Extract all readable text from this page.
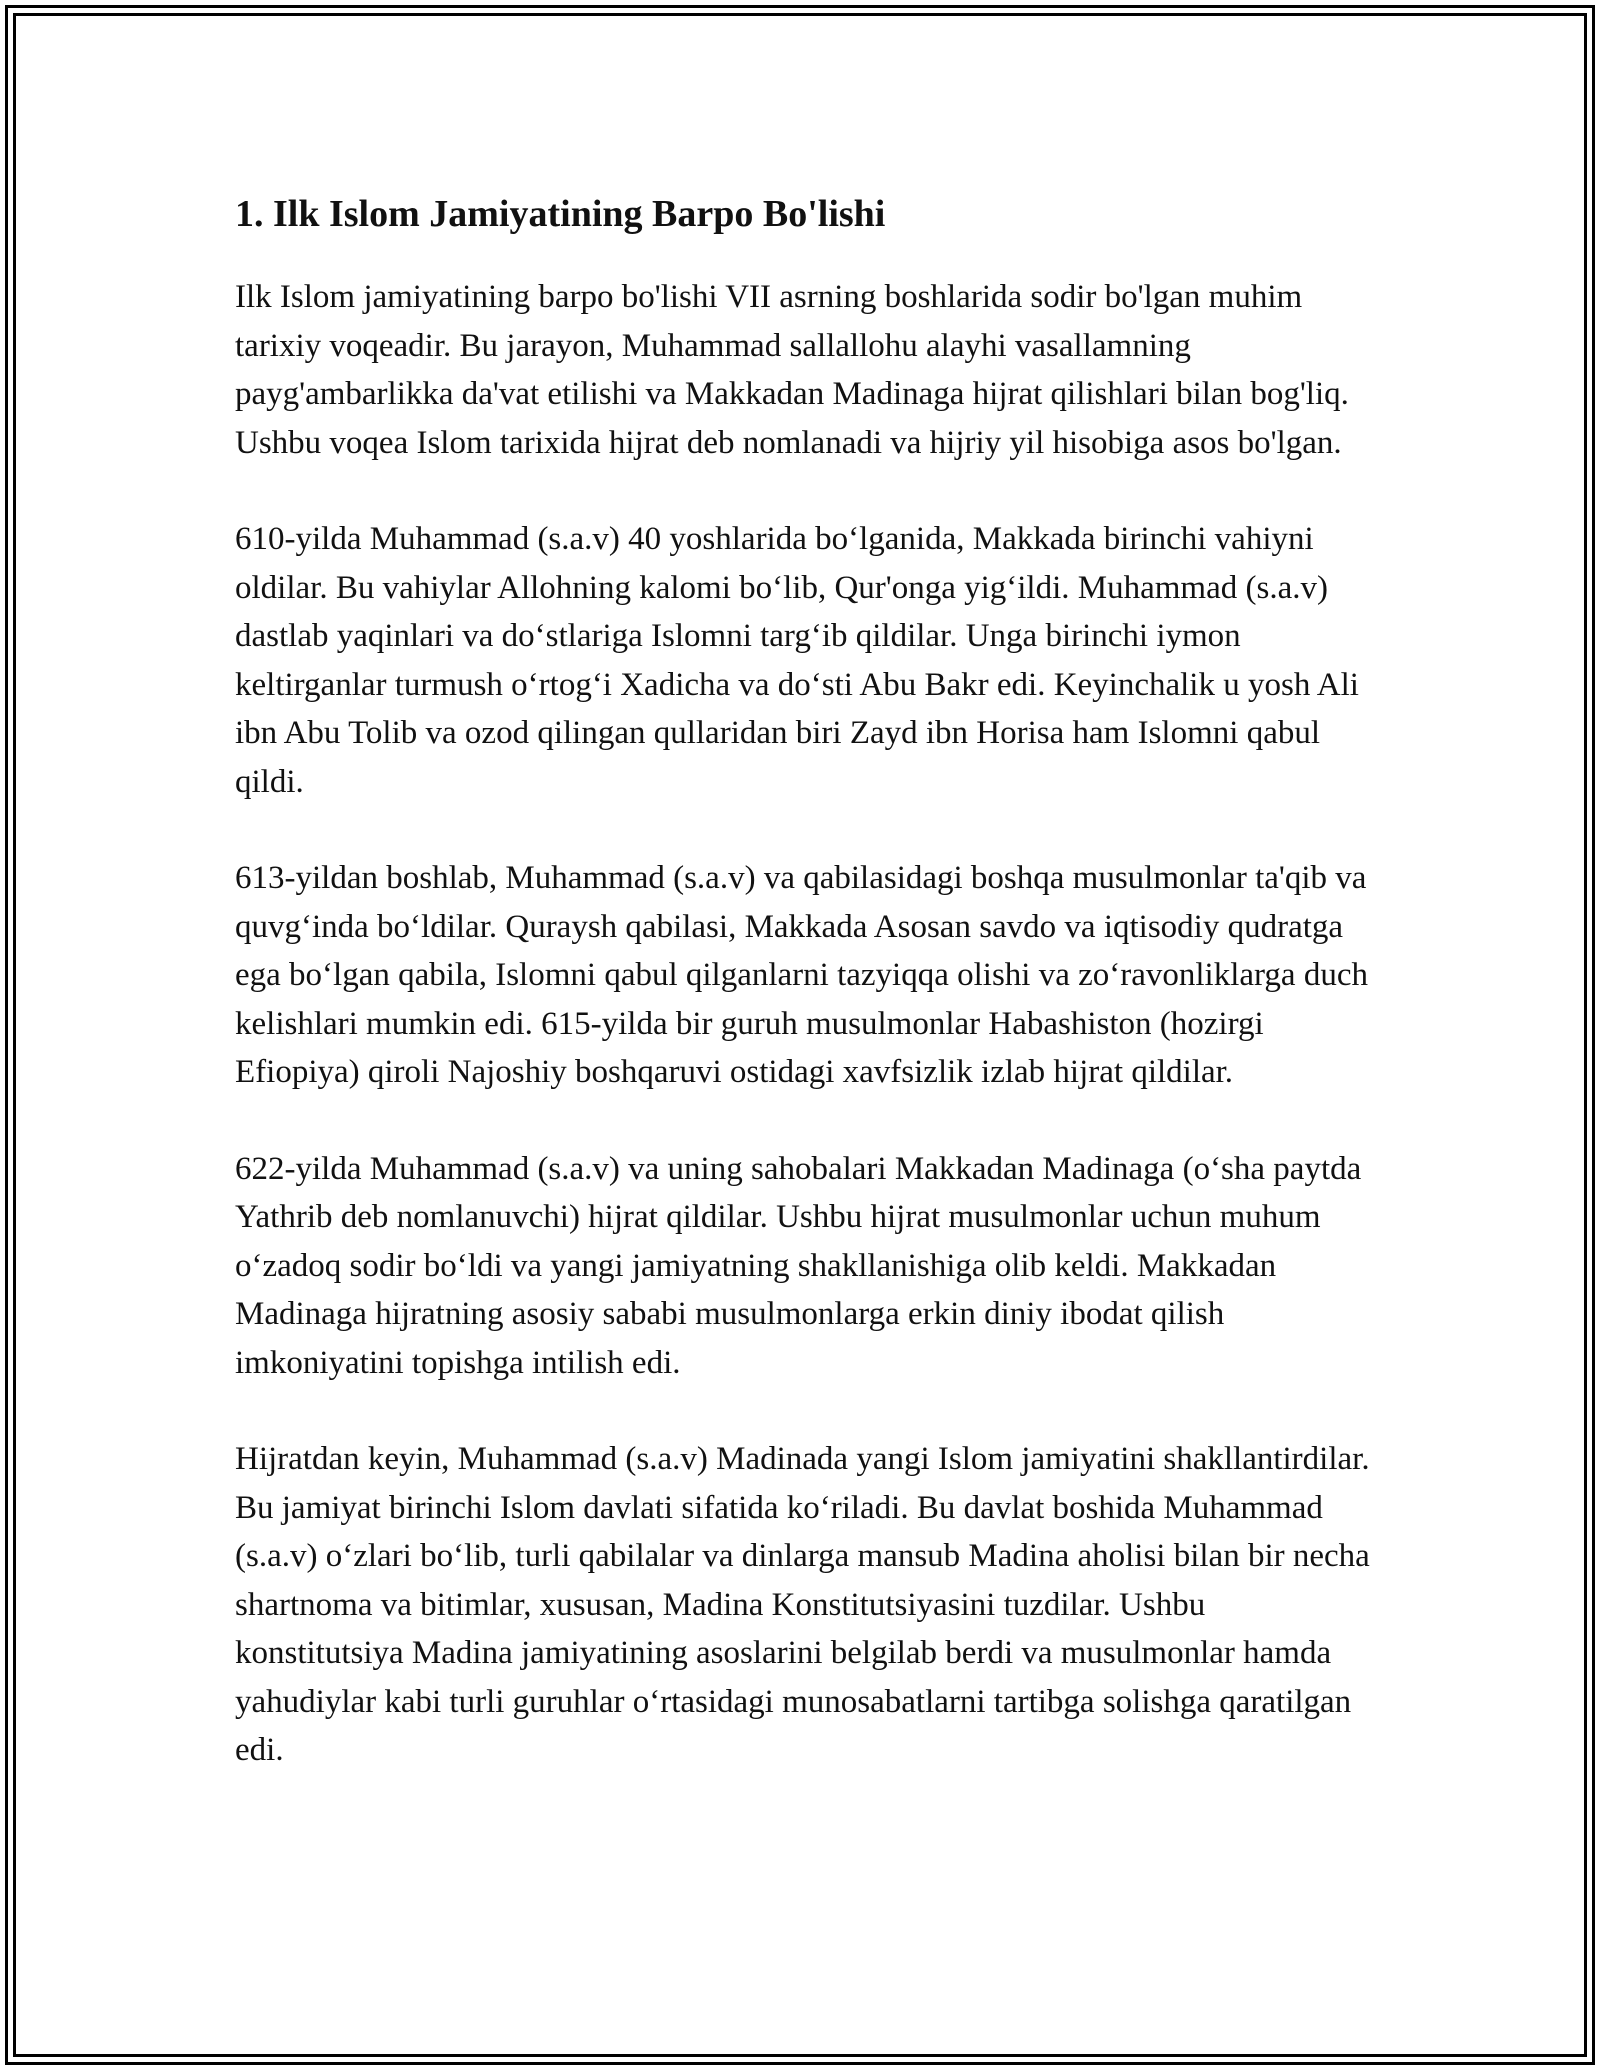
1. Ilk Islom Jamiyatining Barpo Bo'lishi

Ilk Islom jamiyatining barpo bo'lishi VII asrning boshlarida sodir bo'lgan muhim tarixiy voqeadir. Bu jarayon, Muhammad sallallohu alayhi vasallamning payg'ambarlikka da'vat etilishi va Makkadan Madinaga hijrat qilishlari bilan bog'liq. Ushbu voqea Islom tarixida hijrat deb nomlanadi va hijriy yil hisobiga asos bo'lgan.

610-yilda Muhammad (s.a.v) 40 yoshlarida bo‘lganida, Makkada birinchi vahiyni oldilar. Bu vahiylar Allohning kalomi bo‘lib, Qur'onga yig‘ildi. Muhammad (s.a.v) dastlab yaqinlari va do‘stlariga Islomni targ‘ib qildilar. Unga birinchi iymon keltirganlar turmush o‘rtog‘i Xadicha va do‘sti Abu Bakr edi. Keyinchalik u yosh Ali ibn Abu Tolib va ozod qilingan qullaridan biri Zayd ibn Horisa ham Islomni qabul qildi.

613-yildan boshlab, Muhammad (s.a.v) va qabilasidagi boshqa musulmonlar ta'qib va quvg‘inda bo‘ldilar. Quraysh qabilasi, Makkada Asosan savdo va iqtisodiy qudratga ega bo‘lgan qabila, Islomni qabul qilganlarni tazyiqqa olishi va zo‘ravonliklarga duch kelishlari mumkin edi. 615-yilda bir guruh musulmonlar Habashiston (hozirgi Efiopiya) qiroli Najoshiy boshqaruvi ostidagi xavfsizlik izlab hijrat qildilar.

622-yilda Muhammad (s.a.v) va uning sahobalari Makkadan Madinaga (o‘sha paytda Yathrib deb nomlanuvchi) hijrat qildilar. Ushbu hijrat musulmonlar uchun muhum o‘zadoq sodir bo‘ldi va yangi jamiyatning shakllanishiga olib keldi. Makkadan Madinaga hijratning asosiy sababi musulmonlarga erkin diniy ibodat qilish imkoniyatini topishga intilish edi.

Hijratdan keyin, Muhammad (s.a.v) Madinada yangi Islom jamiyatini shakllantirdilar. Bu jamiyat birinchi Islom davlati sifatida ko‘riladi. Bu davlat boshida Muhammad (s.a.v) o‘zlari bo‘lib, turli qabilalar va dinlarga mansub Madina aholisi bilan bir necha shartnoma va bitimlar, xususan, Madina Konstitutsiyasini tuzdilar. Ushbu konstitutsiya Madina jamiyatining asoslarini belgilab berdi va musulmonlar hamda yahudiylar kabi turli guruhlar o‘rtasidagi munosabatlarni tartibga solishga qaratilgan edi.
